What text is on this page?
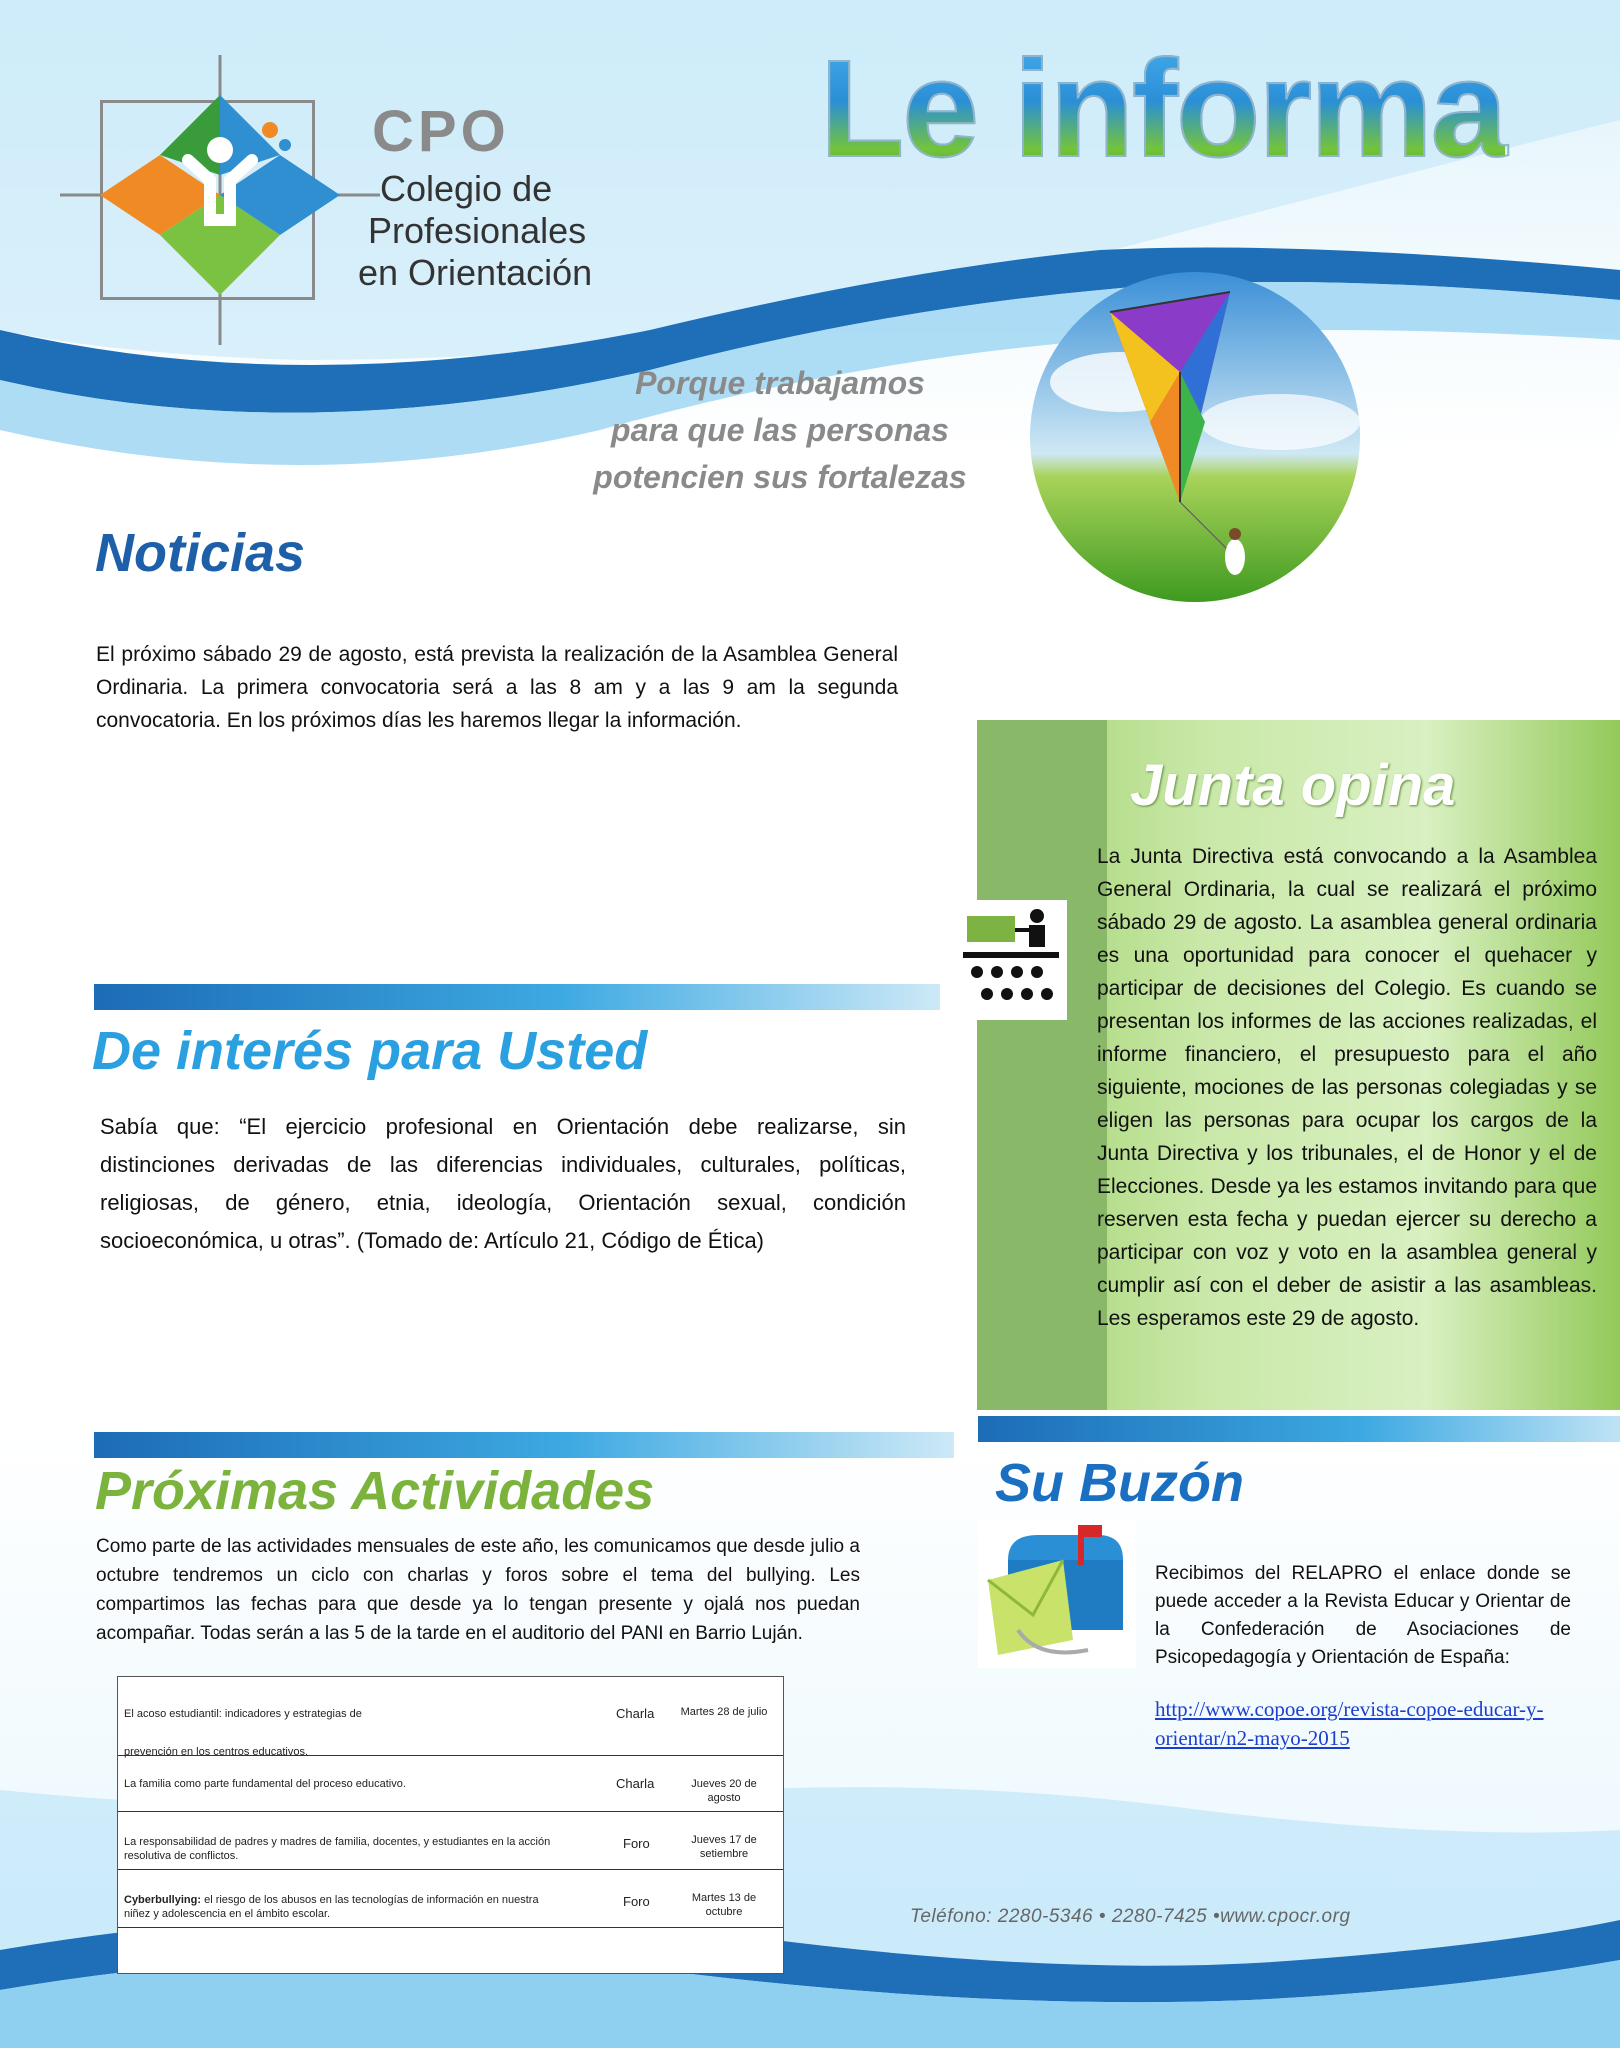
CPO
Colegio de
Profesionales
en Orientación
Le informa
Porque trabajamos
para que las personas
potencien sus fortalezas
Noticias
El próximo sábado 29 de agosto, está prevista la realización de la Asamblea General Ordinaria. La primera convocatoria será a las 8 am y a las 9 am la segunda convocatoria. En los próximos días les haremos llegar la información.
De interés para Usted
Sabía que: “El ejercicio profesional en Orientación debe realizarse, sin distinciones derivadas de las diferencias individuales, culturales, políticas, religiosas, de género, etnia, ideología, Orientación sexual, condición socioeconómica, u otras”. (Tomado de: Artículo 21, Código de Ética)
Junta opina
La Junta Directiva está convocando a la Asamblea General Ordinaria, la cual se realizará el próximo sábado 29 de agosto. La asamblea general ordinaria es una oportunidad para conocer el quehacer y participar de decisiones del Colegio. Es cuando se presentan los informes de las acciones realizadas, el informe financiero, el presupuesto para el año siguiente, mociones de las personas colegiadas y se eligen las personas para ocupar los cargos de la Junta Directiva y los tribunales, el de Honor y el de Elecciones. Desde ya les estamos invitando para que reserven esta fecha y puedan ejercer su derecho a participar con voz y voto en la asamblea general y cumplir así con el deber de asistir a las asambleas. Les esperamos este 29 de agosto.
Próximas Actividades
Como parte de las actividades mensuales de este año, les comunicamos que desde julio a octubre tendremos un ciclo con charlas y foros sobre el tema del bullying. Les compartimos las fechas para que desde ya lo tengan presente y ojalá nos puedan acompañar. Todas serán a las 5 de la tarde en el auditorio del PANI en Barrio Luján.
El acoso estudiantil: indicadores y estrategias de
prevención en los centros educativos.
Charla	Martes 28 de julio
La familia como parte fundamental del proceso educativo.	Charla	Jueves 20 de agosto
La responsabilidad de padres y madres de familia, docentes, y estudiantes en la acción
resolutiva de conflictos.
Foro	Jueves 17 de setiembre
Cyberbullying: el riesgo de los abusos en las tecnologías de información en nuestra
niñez y adolescencia en el ámbito escolar.
Foro	Martes 13 de octubre
Su Buzón
Recibimos del RELAPRO el enlace donde se puede acceder a la Revista Educar y Orientar de la Confederación de Asociaciones de Psicopedagogía y Orientación de España:
http://www.copoe.org/revista-copoe-educar-y-orientar/n2-mayo-2015
Teléfono: 2280-5346 • 2280-7425 •www.cpocr.org
